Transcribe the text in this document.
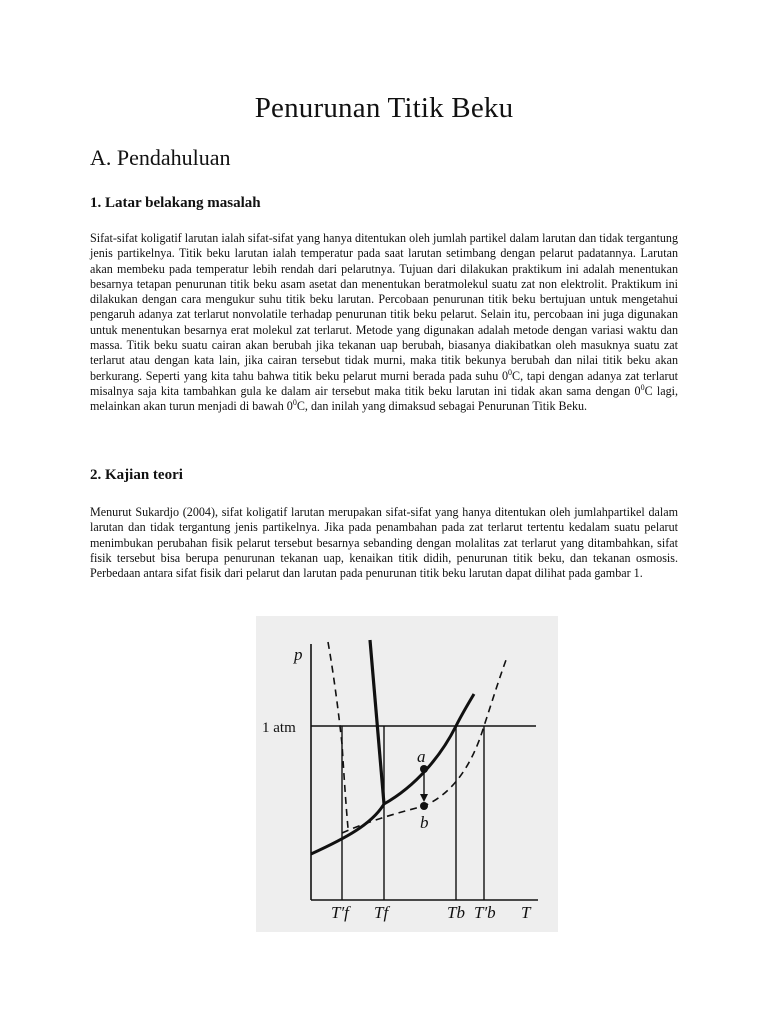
Penurunan Titik Beku
A. Pendahuluan
1. Latar belakang masalah

Sifat-sifat koligatif larutan ialah sifat-sifat yang hanya ditentukan oleh jumlah partikel dalam larutan dan tidak tergantung jenis partikelnya. Titik beku larutan ialah temperatur pada saat larutan setimbang dengan pelarut padatannya. Larutan akan membeku pada temperatur lebih rendah dari pelarutnya. Tujuan dari dilakukan praktikum ini adalah menentukan besarnya tetapan penurunan titik beku asam asetat dan menentukan beratmolekul suatu zat non elektrolit. Praktikum ini dilakukan dengan cara mengukur suhu titik beku larutan. Percobaan penurunan titik beku bertujuan untuk mengetahui pengaruh adanya zat terlarut nonvolatile terhadap penurunan titik beku pelarut. Selain itu, percobaan ini juga digunakan untuk menentukan besarnya erat molekul zat terlarut. Metode yang digunakan adalah metode dengan variasi waktu dan massa. Titik beku suatu cairan akan berubah jika tekanan uap berubah, biasanya diakibatkan oleh masuknya suatu zat terlarut atau dengan kata lain, jika cairan tersebut tidak murni, maka titik bekunya berubah dan nilai titik beku akan berkurang. Seperti yang kita tahu bahwa titik beku pelarut murni berada pada suhu $0^0C$, tapi dengan adanya zat terlarut misalnya saja kita tambahkan gula ke dalam air tersebut maka titik beku larutan ini tidak akan sama dengan $0^0C$ lagi, melainkan akan turun menjadi di bawah $0^0C$, dan inilah yang dimaksud sebagai Penurunan Titik Beku.

2. Kajian teori

Menurut Sukardjo (2004), sifat koligatif larutan merupakan sifat-sifat yang hanya ditentukan oleh jumlahpartikel dalam larutan dan tidak tergantung jenis partikelnya. Jika pada penambahan pada zat terlarut tertentu kedalam suatu pelarut menimbukan perubahan fisik pelarut tersebut besarnya sebanding dengan molalitas zat terlarut yang ditambahkan, sifat fisik tersebut bisa berupa penurunan tekanan uap, kenaikan titik didih, penurunan titik beku, dan tekanan osmosis. Perbedaan antara sifat fisik dari pelarut dan larutan pada penurunan titik beku larutan dapat dilihat pada gambar 1.

p
1 atm
a
b
T′f Tf	Tb T′b T
